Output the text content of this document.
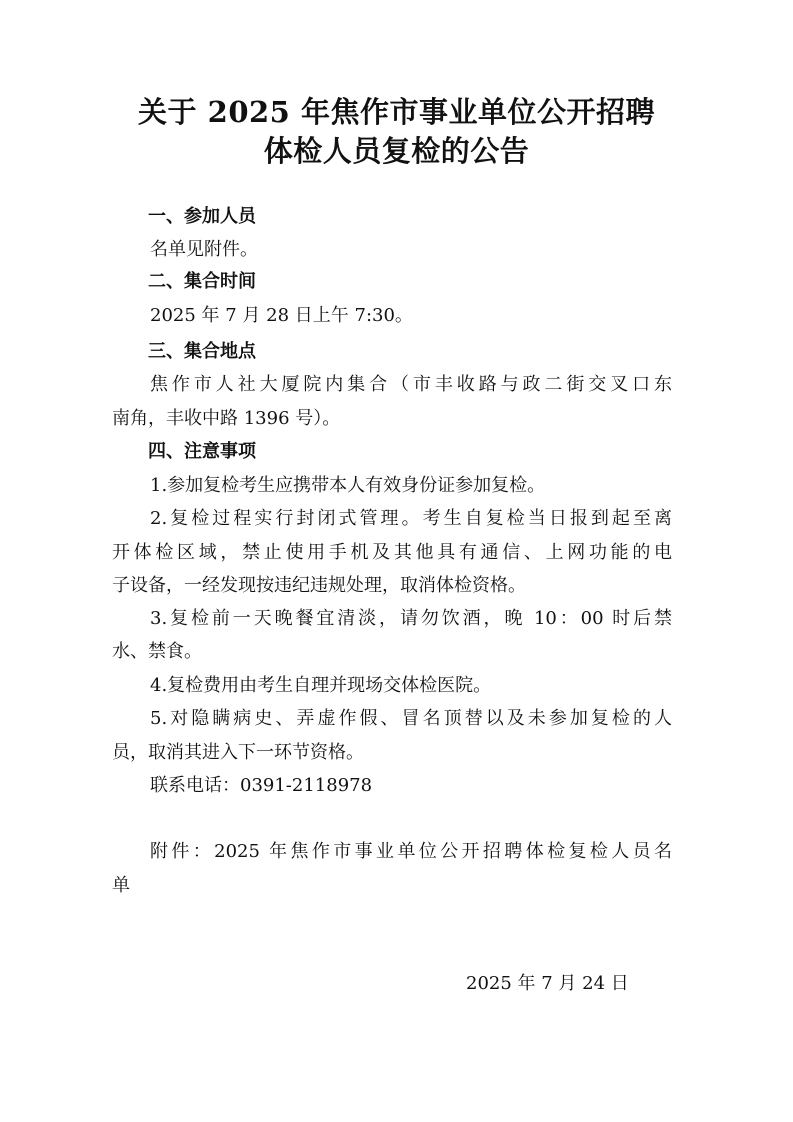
关于 2025 年焦作市事业单位公开招聘
体检人员复检的公告
一、参加人员
名单见附件。
二、集合时间
2025 年 7 月 28 日上午 7:30。
三、集合地点
焦作市人社大厦院内集合（市丰收路与政二街交叉口东
南角，丰收中路 1396 号）。
四、注意事项
1.参加复检考生应携带本人有效身份证参加复检。
2.复检过程实行封闭式管理。考生自复检当日报到起至离
开体检区域，禁止使用手机及其他具有通信、上网功能的电
子设备，一经发现按违纪违规处理，取消体检资格。
3.复检前一天晚餐宜清淡，请勿饮酒，晚 10：00 时后禁
水、禁食。
4.复检费用由考生自理并现场交体检医院。
5.对隐瞒病史、弄虚作假、冒名顶替以及未参加复检的人
员，取消其进入下一环节资格。
联系电话：0391-2118978
附件：2025 年焦作市事业单位公开招聘体检复检人员名
单
2025 年 7 月 24 日
